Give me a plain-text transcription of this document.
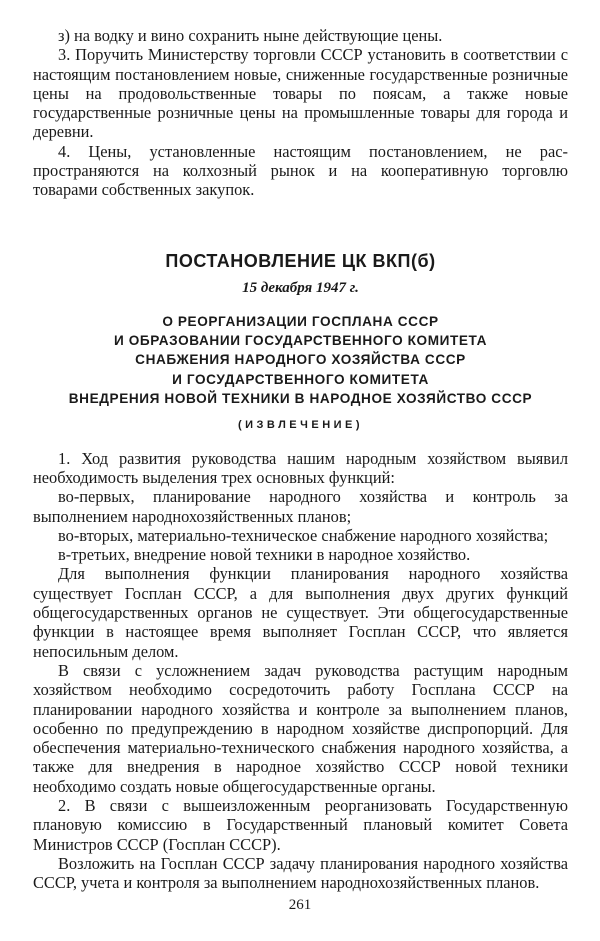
з) на водку и вино сохранить ныне действующие цены.

3. Поручить Министерству торговли СССР установить в соответствии с настоящим постановлением новые, сниженные государственные розничные цены на продовольственные товары по поясам, а также новые государственные розничные цены на промышленные товары для города и деревни.

4. Цены, установленные настоящим постановлением, не распространяются на колхозный рынок и на кооперативную торговлю товарами собственных закупок.

ПОСТАНОВЛЕНИЕ ЦК ВКП(б)

15 декабря 1947 г.

О РЕОРГАНИЗАЦИИ ГОСПЛАНА СССР
И ОБРАЗОВАНИИ ГОСУДАРСТВЕННОГО КОМИТЕТА
СНАБЖЕНИЯ НАРОДНОГО ХОЗЯЙСТВА СССР
И ГОСУДАРСТВЕННОГО КОМИТЕТА
ВНЕДРЕНИЯ НОВОЙ ТЕХНИКИ В НАРОДНОЕ ХОЗЯЙСТВО СССР

(ИЗВЛЕЧЕНИЕ)

1. Ход развития руководства нашим народным хозяйством выявил необходимость выделения трех основных функций:

во-первых, планирование народного хозяйства и контроль за выполнением народнохозяйственных планов;

во-вторых, материально-техническое снабжение народного хозяйства;

в-третьих, внедрение новой техники в народное хозяйство.

Для выполнения функции планирования народного хозяйства существует Госплан СССР, а для выполнения двух других функций общегосударственных органов не существует. Эти общегосударственные функции в настоящее время выполняет Госплан СССР, что является непосильным делом.

В связи с усложнением задач руководства растущим народным хозяйством необходимо сосредоточить работу Госплана СССР на планировании народного хозяйства и контроле за выполнением планов, особенно по предупреждению в народном хозяйстве диспропорций. Для обеспечения материально-технического снабжения народного хозяйства, а также для внедрения в народное хозяйство СССР новой техники необходимо создать новые общегосударственные органы.

2. В связи с вышеизложенным реорганизовать Государственную плановую комиссию в Государственный плановый комитет Совета Министров СССР (Госплан СССР).

Возложить на Госплан СССР задачу планирования народного хозяйства СССР, учета и контроля за выполнением народнохозяйственных планов.

261
